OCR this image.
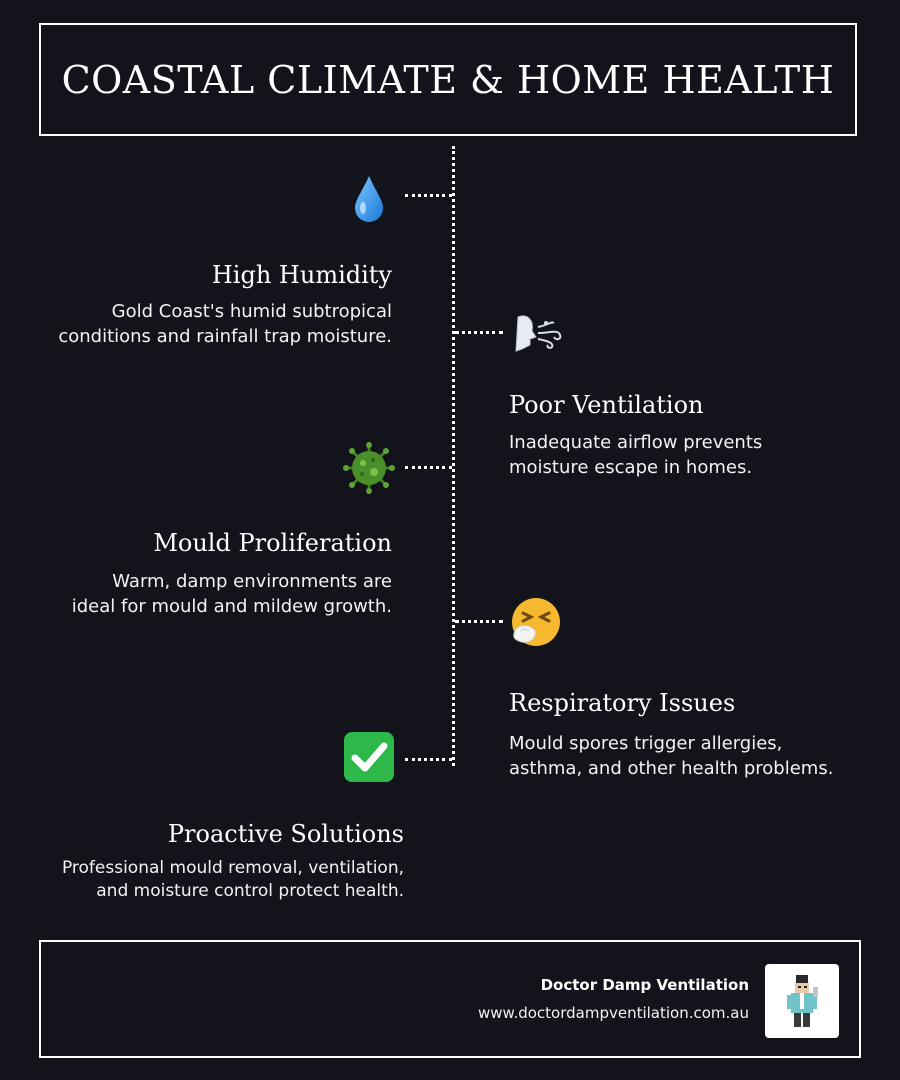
COASTAL CLIMATE & HOME HEALTH
High Humidity
Gold Coast's humid subtropical
conditions and rainfall trap moisture.
Poor Ventilation
Inadequate airflow prevents
moisture escape in homes.
Mould Proliferation
Warm, damp environments are
ideal for mould and mildew growth.
Respiratory Issues
Mould spores trigger allergies,
asthma, and other health problems.
Proactive Solutions
Professional mould removal, ventilation,
and moisture control protect health.
Doctor Damp Ventilation
www.doctordampventilation.com.au
